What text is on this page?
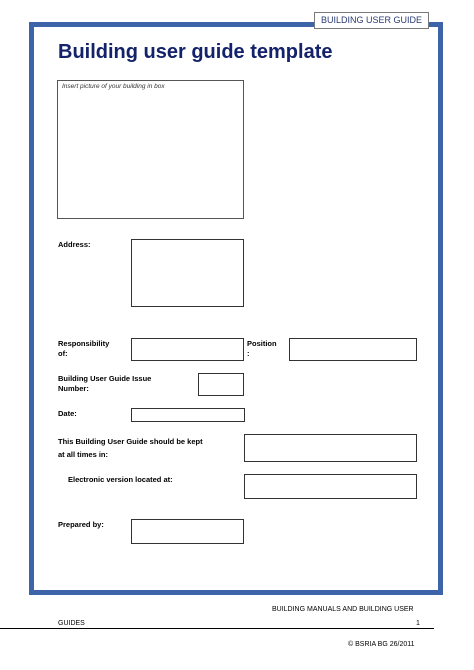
BUILDING USER GUIDE
Building user guide template
Insert picture of your building in box
Address:
Responsibility
of:
Position
:
Building User Guide Issue
Number:
Date:
This Building User Guide should be kept
at all times in:
Electronic version located at:
Prepared by:
BUILDING MANUALS AND BUILDING USER
GUIDES	1
© BSRIA BG 26/2011
